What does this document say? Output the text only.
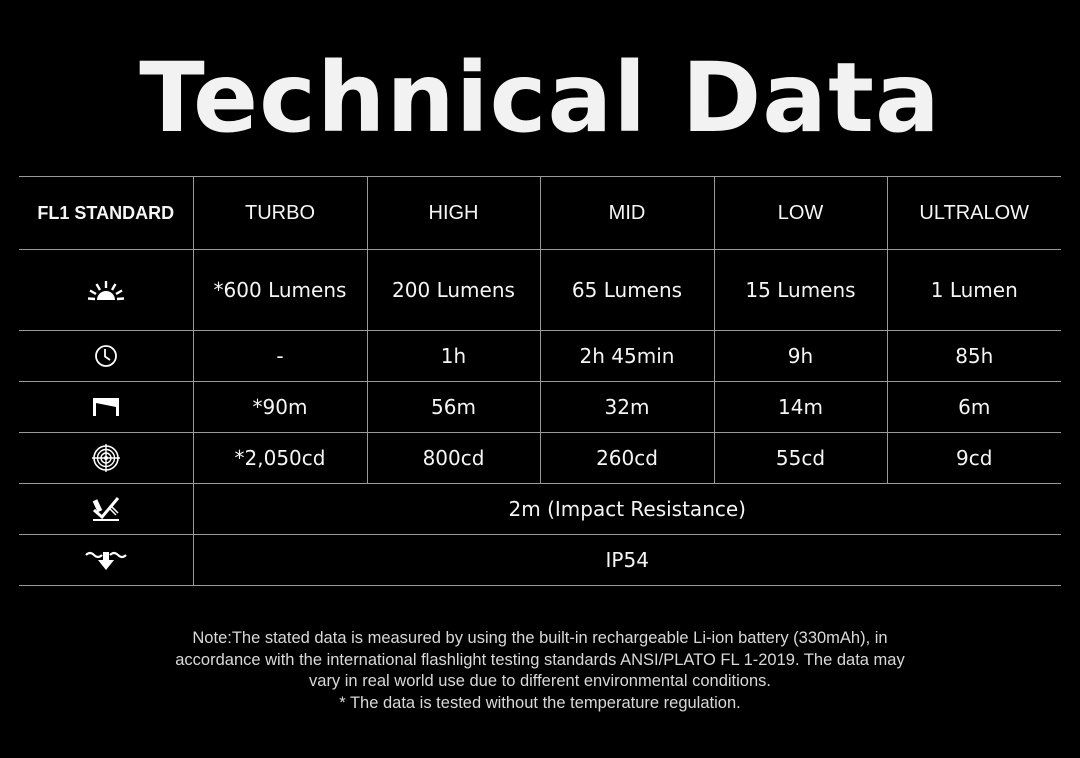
Technical Data
FL1 STANDARD	TURBO	HIGH	MID	LOW	ULTRALOW

	*600 Lumens	200 Lumens	65 Lumens	15 Lumens	1 Lumen

	-	1h	2h 45min	9h	85h

	*90m	56m	32m	14m	6m

	*2,050cd	800cd	260cd	55cd	9cd

	2m (Impact Resistance)				

	IP54				
Note:The stated data is measured by using the built-in rechargeable Li-ion battery (330mAh), in
accordance with the international flashlight testing standards ANSI/PLATO FL 1-2019. The data may
vary in real world use due to different environmental conditions.
* The data is tested without the temperature regulation.
